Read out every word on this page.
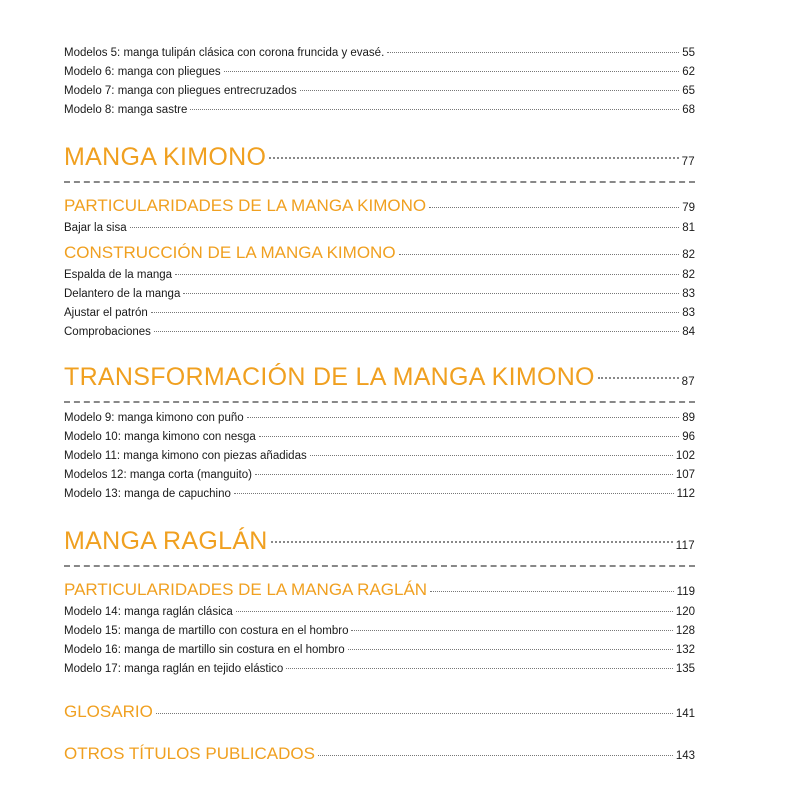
Modelos 5: manga tulipán clásica con corona fruncida y evasé.	55
Modelo 6: manga con pliegues	62
Modelo 7: manga con pliegues entrecruzados	65
Modelo 8: manga sastre	68
MANGA KIMONO	77
PARTICULARIDADES DE LA MANGA KIMONO	79
Bajar la sisa	81
CONSTRUCCIÓN DE LA MANGA KIMONO	82
Espalda de la manga	82
Delantero de la manga	83
Ajustar el patrón	83
Comprobaciones	84
TRANSFORMACIÓN DE LA MANGA KIMONO	87
Modelo 9: manga kimono con puño	89
Modelo 10: manga kimono con nesga	96
Modelo 11: manga kimono con piezas añadidas	102
Modelos 12: manga corta (manguito)	107
Modelo 13: manga de capuchino	112
MANGA RAGLÁN	117
PARTICULARIDADES DE LA MANGA RAGLÁN	119
Modelo 14: manga raglán clásica	120
Modelo 15: manga de martillo con costura en el hombro	128
Modelo 16: manga de martillo sin costura en el hombro	132
Modelo 17: manga raglán en tejido elástico	135
GLOSARIO	141
OTROS TÍTULOS PUBLICADOS	143
